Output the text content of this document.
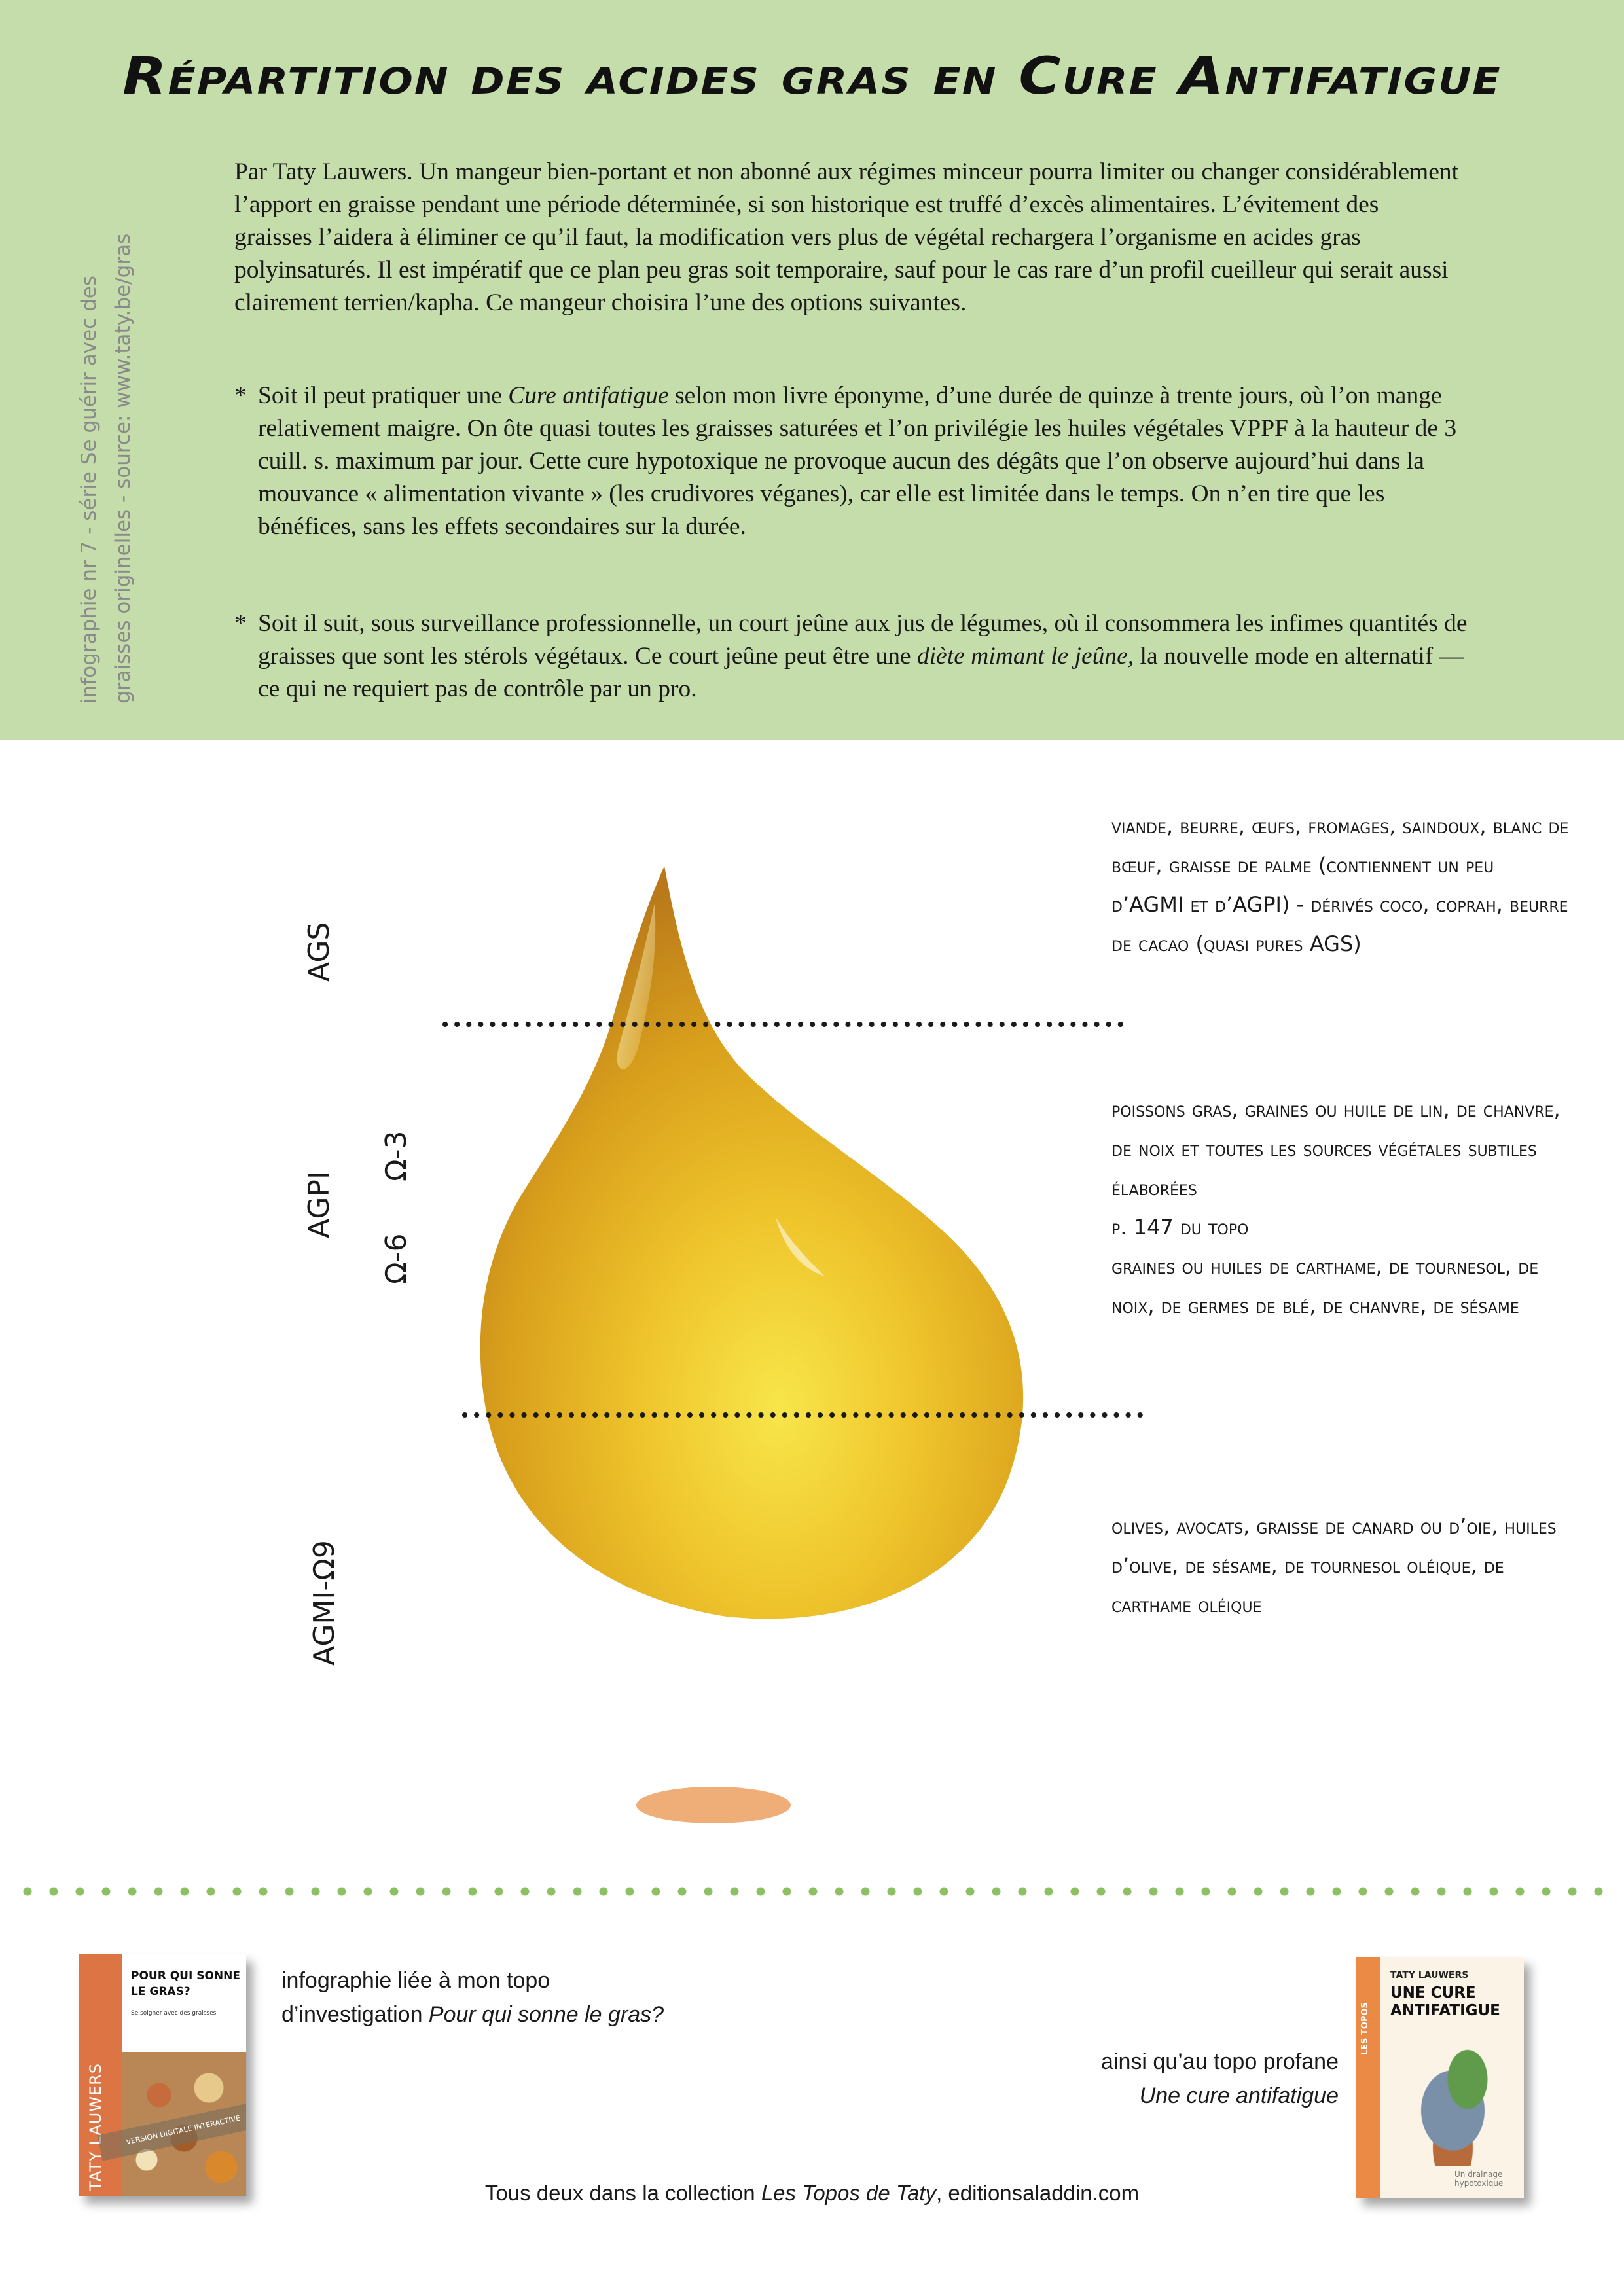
Répartition des acides gras en Cure Antifatigue
infographie nr 7 - série Se guérir avec des graisses originelles - source: www.taty.be/gras
Par Taty Lauwers. Un mangeur bien-portant et non abonné aux régimes minceur pourra limiter ou changer considérablement l’apport en graisse pendant une période déterminée, si son historique est truffé d’excès alimentaires. L’évitement des graisses l’aidera à éliminer ce qu’il faut, la modification vers plus de végétal rechargera l’organisme en acides gras polyinsaturés. Il est impératif que ce plan peu gras soit temporaire, sauf pour le cas rare d’un profil cueilleur qui serait aussi clairement terrien/kapha. Ce mangeur choisira l’une des options suivantes.
* Soit il peut pratiquer une Cure antifatigue selon mon livre éponyme, d’une durée de quinze à trente jours, où l’on mange relativement maigre. On ôte quasi toutes les graisses saturées et l’on privilégie les huiles végétales VPPF à la hauteur de 3 cuill. s. maximum par jour. Cette cure hypotoxique ne provoque aucun des dégâts que l’on observe aujourd’hui dans la mouvance « alimentation vivante » (les crudivores véganes), car elle est limitée dans le temps. On n’en tire que les bénéfices, sans les effets secondaires sur la durée.
* Soit il suit, sous surveillance professionnelle, un court jeûne aux jus de légumes, où il consommera les infimes quantités de graisses que sont les stérols végétaux. Ce court jeûne peut être une diète mimant le jeûne, la nouvelle mode en alternatif — ce qui ne requiert pas de contrôle par un pro.
AGS
AGPI
Ω-3
Ω-6
AGMI-Ω9

viande, beurre, œufs, fromages, saindoux, blanc de bœuf, graisse de palme (contiennent un peu d’AGMI et d’AGPI) - dérivés coco, coprah, beurre de cacao (quasi pures AGS)

poissons gras, graines ou huile de lin, de chanvre, de noix et toutes les sources végétales subtiles élaborées

p. 147 du topo

graines ou huiles de carthame, de tournesol, de noix, de germes de blé, de chanvre, de sésame

olives, avocats, graisse de canard ou d’oie, huiles d’olive, de sésame, de tournesol oléique, de carthame oléique

TATY LAUWERS
POUR QUI SONNE LE GRAS?
Se soigner avec des graisses
VERSION DIGITALE INTERACTIVE
LES TOPOS
TATY LAUWERS
UNE CURE ANTIFATIGUE
Un drainage hypotoxique
infographie liée à mon topo
d’investigation Pour qui sonne le gras?
ainsi qu’au topo profane
Une cure antifatigue
Tous deux dans la collection Les Topos de Taty, editionsaladdin.com
